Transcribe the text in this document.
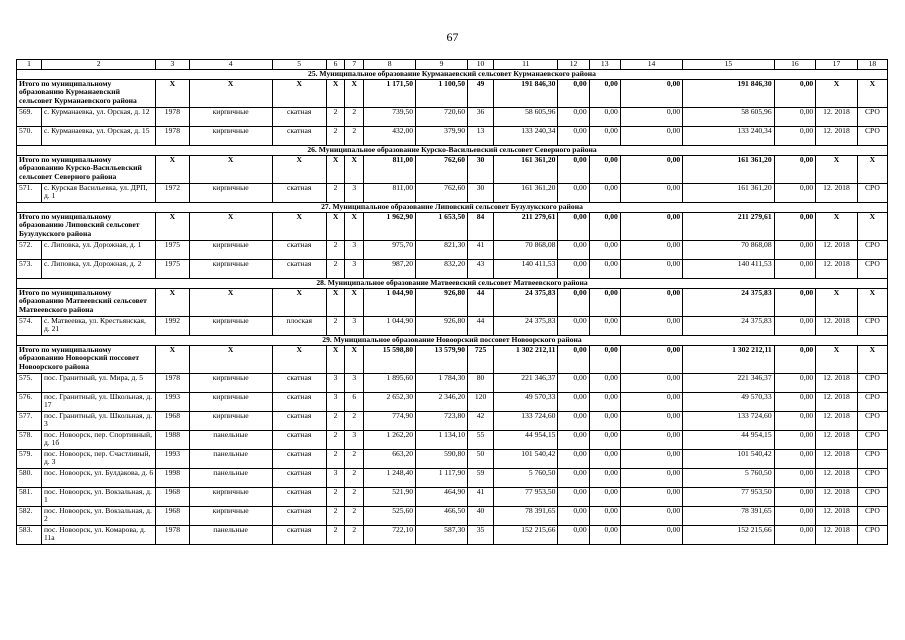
67
1	2	3	4	5	6	7	8	9	10	11	12	13	14	15	16	17	18
25. Муниципальное образование Курманаевский сельсовет Курманаевского района																	
Итого по муниципальному образованию Курманаевский сельсовет Курманаевского района		X	X	X	X	X	1 171,50	1 100,50	49	191 846,30	0,00	0,00	0,00	191 846,30	0,00	X	X
569.	с. Курманаевка, ул. Орская, д. 12	1978	кирпичные	скатная	2	2	739,50	720,60	36	58 605,96	0,00	0,00	0,00	58 605,96	0,00	12. 2018	СРО
570.	с. Курманаевка, ул. Орская, д. 15	1978	кирпичные	скатная	2	2	432,00	379,90	13	133 240,34	0,00	0,00	0,00	133 240,34	0,00	12. 2018	СРО
26. Муниципальное образование Курско-Васильевский сельсовет Северного района																	
Итого по муниципальному образованию Курско-Васильевский сельсовет Северного района		X	X	X	X	X	811,00	762,60	30	161 361,20	0,00	0,00	0,00	161 361,20	0,00	X	X
571.	с. Курская Васильевка, ул. ДРП, д. 1	1972	кирпичные	скатная	2	3	811,00	762,60	30	161 361,20	0,00	0,00	0,00	161 361,20	0,00	12. 2018	СРО
27. Муниципальное образование Липовский сельсовет Бузулукского района																	
Итого по муниципальному образованию Липовский сельсовет Бузулукского района		X	X	X	X	X	1 962,90	1 653,50	84	211 279,61	0,00	0,00	0,00	211 279,61	0,00	X	X
572.	с. Липовка, ул. Дорожная, д. 1	1975	кирпичные	скатная	2	3	975,70	821,30	41	70 868,08	0,00	0,00	0,00	70 868,08	0,00	12. 2018	СРО
573.	с. Липовка, ул. Дорожная, д. 2	1975	кирпичные	скатная	2	3	987,20	832,20	43	140 411,53	0,00	0,00	0,00	140 411,53	0,00	12. 2018	СРО
28. Муниципальное образование Матвеевский сельсовет Матвеевского района																	
Итого по муниципальному образованию Матвеевский сельсовет Матвеевского района		X	X	X	X	X	1 044,90	926,80	44	24 375,83	0,00	0,00	0,00	24 375,83	0,00	X	X
574.	с. Матвеевка, ул. Крестьянская, д. 21	1992	кирпичные	плоская	2	3	1 044,90	926,80	44	24 375,83	0,00	0,00	0,00	24 375,83	0,00	12. 2018	СРО
29. Муниципальное образование Новоорский поссовет Новоорского района																	
Итого по муниципальному образованию Новоорский поссовет Новоорского района		X	X	X	X	X	15 598,80	13 579,90	725	1 302 212,11	0,00	0,00	0,00	1 302 212,11	0,00	X	X
575.	пос. Гранитный, ул. Мира, д. 5	1978	кирпичные	скатная	3	3	1 895,60	1 784,30	80	221 346,37	0,00	0,00	0,00	221 346,37	0,00	12. 2018	СРО
576.	пос. Гранитный, ул. Школьная, д. 17	1993	кирпичные	скатная	3	6	2 652,30	2 346,20	120	49 570,33	0,00	0,00	0,00	49 570,33	0,00	12. 2018	СРО
577.	пос. Гранитный, ул. Школьная, д. 3	1968	кирпичные	скатная	2	2	774,90	723,80	42	133 724,60	0,00	0,00	0,00	133 724,60	0,00	12. 2018	СРО
578.	пос. Новоорск, пер. Спортивный, д. 1б	1988	панельные	скатная	2	3	1 262,20	1 134,10	55	44 954,15	0,00	0,00	0,00	44 954,15	0,00	12. 2018	СРО
579.	пос. Новоорск, пер. Счастливый, д. 3	1993	панельные	скатная	2	2	663,20	590,80	50	101 540,42	0,00	0,00	0,00	101 540,42	0,00	12. 2018	СРО
580.	пос. Новоорск, ул. Булдакова, д. 6	1998	панельные	скатная	3	2	1 248,40	1 117,90	59	5 760,50	0,00	0,00	0,00	5 760,50	0,00	12. 2018	СРО
581.	пос. Новоорск, ул. Вокзальная, д. 1	1968	кирпичные	скатная	2	2	521,90	464,90	41	77 953,50	0,00	0,00	0,00	77 953,50	0,00	12. 2018	СРО
582.	пос. Новоорск, ул. Вокзальная, д. 2	1968	кирпичные	скатная	2	2	525,60	466,50	40	78 391,65	0,00	0,00	0,00	78 391,65	0,00	12. 2018	СРО
583.	пос. Новоорск, ул. Комарова, д. 11а	1978	панельные	скатная	2	2	722,10	587,30	35	152 215,66	0,00	0,00	0,00	152 215,66	0,00	12. 2018	СРО
